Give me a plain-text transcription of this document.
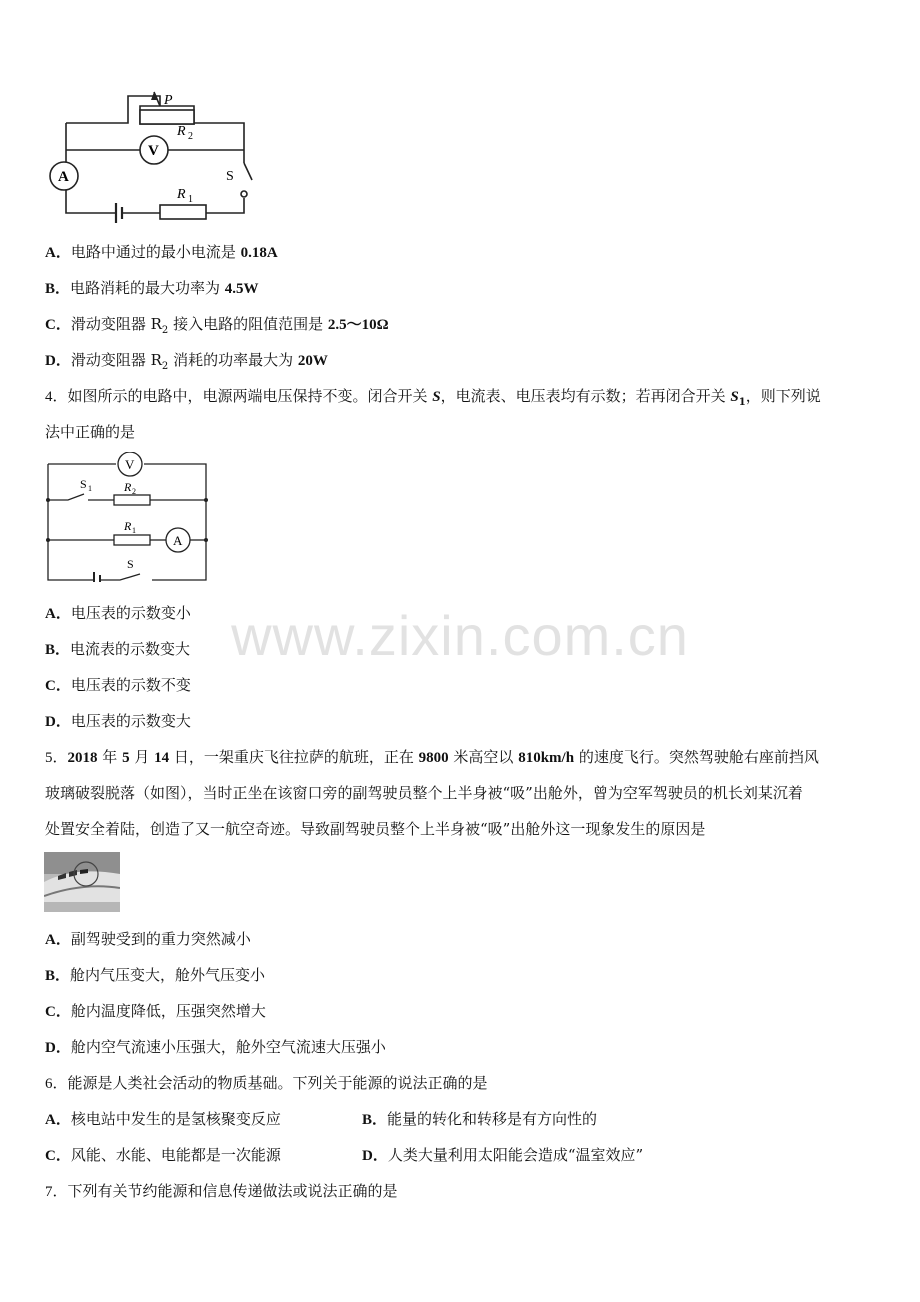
P
R 2
V
A	S
R 1
A．电路中通过的最小电流是 0.18A
B．电路消耗的最大功率为 4.5W
C．滑动变阻器 $R_2$ 接入电路的阻值范围是 2.5～10Ω
D．滑动变阻器 $R_2$ 消耗的功率最大为 20W
4．如图所示的电路中，电源两端电压保持不变。闭合开关 S，电流表、电压表均有示数；若再闭合开关 $S_1$，则下列说
法中正确的是
V
S 1	R 2
R 1
A
S
A．电压表的示数变小
B．电流表的示数变大
C．电压表的示数不变
D．电压表的示数变大
5．2018 年 5 月 14 日，一架重庆飞往拉萨的航班，正在 9800 米高空以 810km/h 的速度飞行。突然驾驶舱右座前挡风
玻璃破裂脱落（如图），当时正坐在该窗口旁的副驾驶员整个上半身被“吸”出舱外，曾为空军驾驶员的机长刘某沉着
处置安全着陆，创造了又一航空奇迹。导致副驾驶员整个上半身被“吸”出舱外这一现象发生的原因是
A．副驾驶受到的重力突然减小
B．舱内气压变大，舱外气压变小
C．舱内温度降低，压强突然增大
D．舱内空气流速小压强大，舱外空气流速大压强小
6．能源是人类社会活动的物质基础。下列关于能源的说法正确的是
A．核电站中发生的是氢核聚变反应	B．能量的转化和转移是有方向性的
C．风能、水能、电能都是一次能源	D．人类大量利用太阳能会造成“温室效应”
7．下列有关节约能源和信息传递做法或说法正确的是
www.zixin.com.cn
